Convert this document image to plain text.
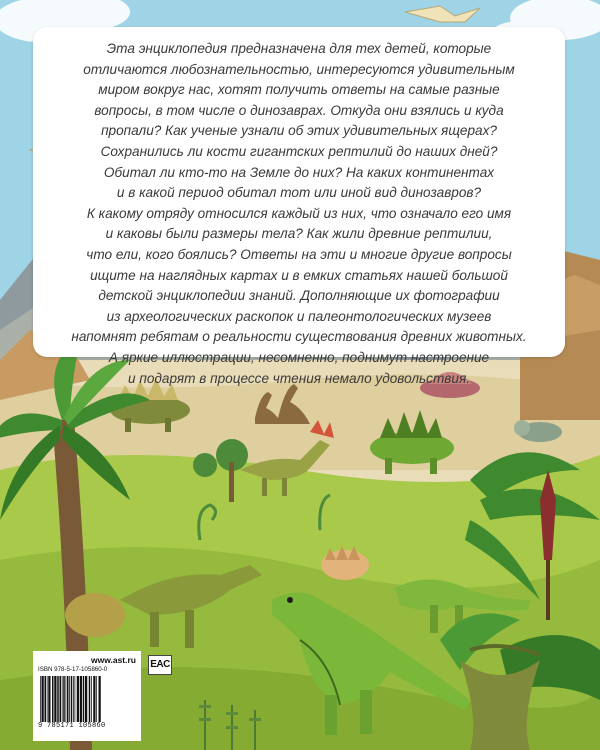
Эта энциклопедия предназначена для тех детей, которые
отличаются любознательностью, интересуются удивительным
миром вокруг нас, хотят получить ответы на самые разные
вопросы, в том числе о динозаврах. Откуда они взялись и куда
пропали? Как ученые узнали об этих удивительных ящерах?
Сохранились ли кости гигантских рептилий до наших дней?
Обитал ли кто-то на Земле до них? На каких континентах
и в какой период обитал тот или иной вид динозавров?
К какому отряду относился каждый из них, что означало его имя
и каковы были размеры тела? Как жили древние рептилии,
что ели, кого боялись? Ответы на эти и многие другие вопросы
ищите на наглядных картах и в емких статьях нашей большой
детской энциклопедии знаний. Дополняющие их фотографии
из археологических раскопок и палеонтологических музеев
напомнят ребятам о реальности существования древних животных.
А яркие иллюстрации, несомненно, поднимут настроение
и подарят в процессе чтения немало удовольствия.

www.ast.ru
ISBN 978-5-17-105860-0
9 785171 105860
EAC
